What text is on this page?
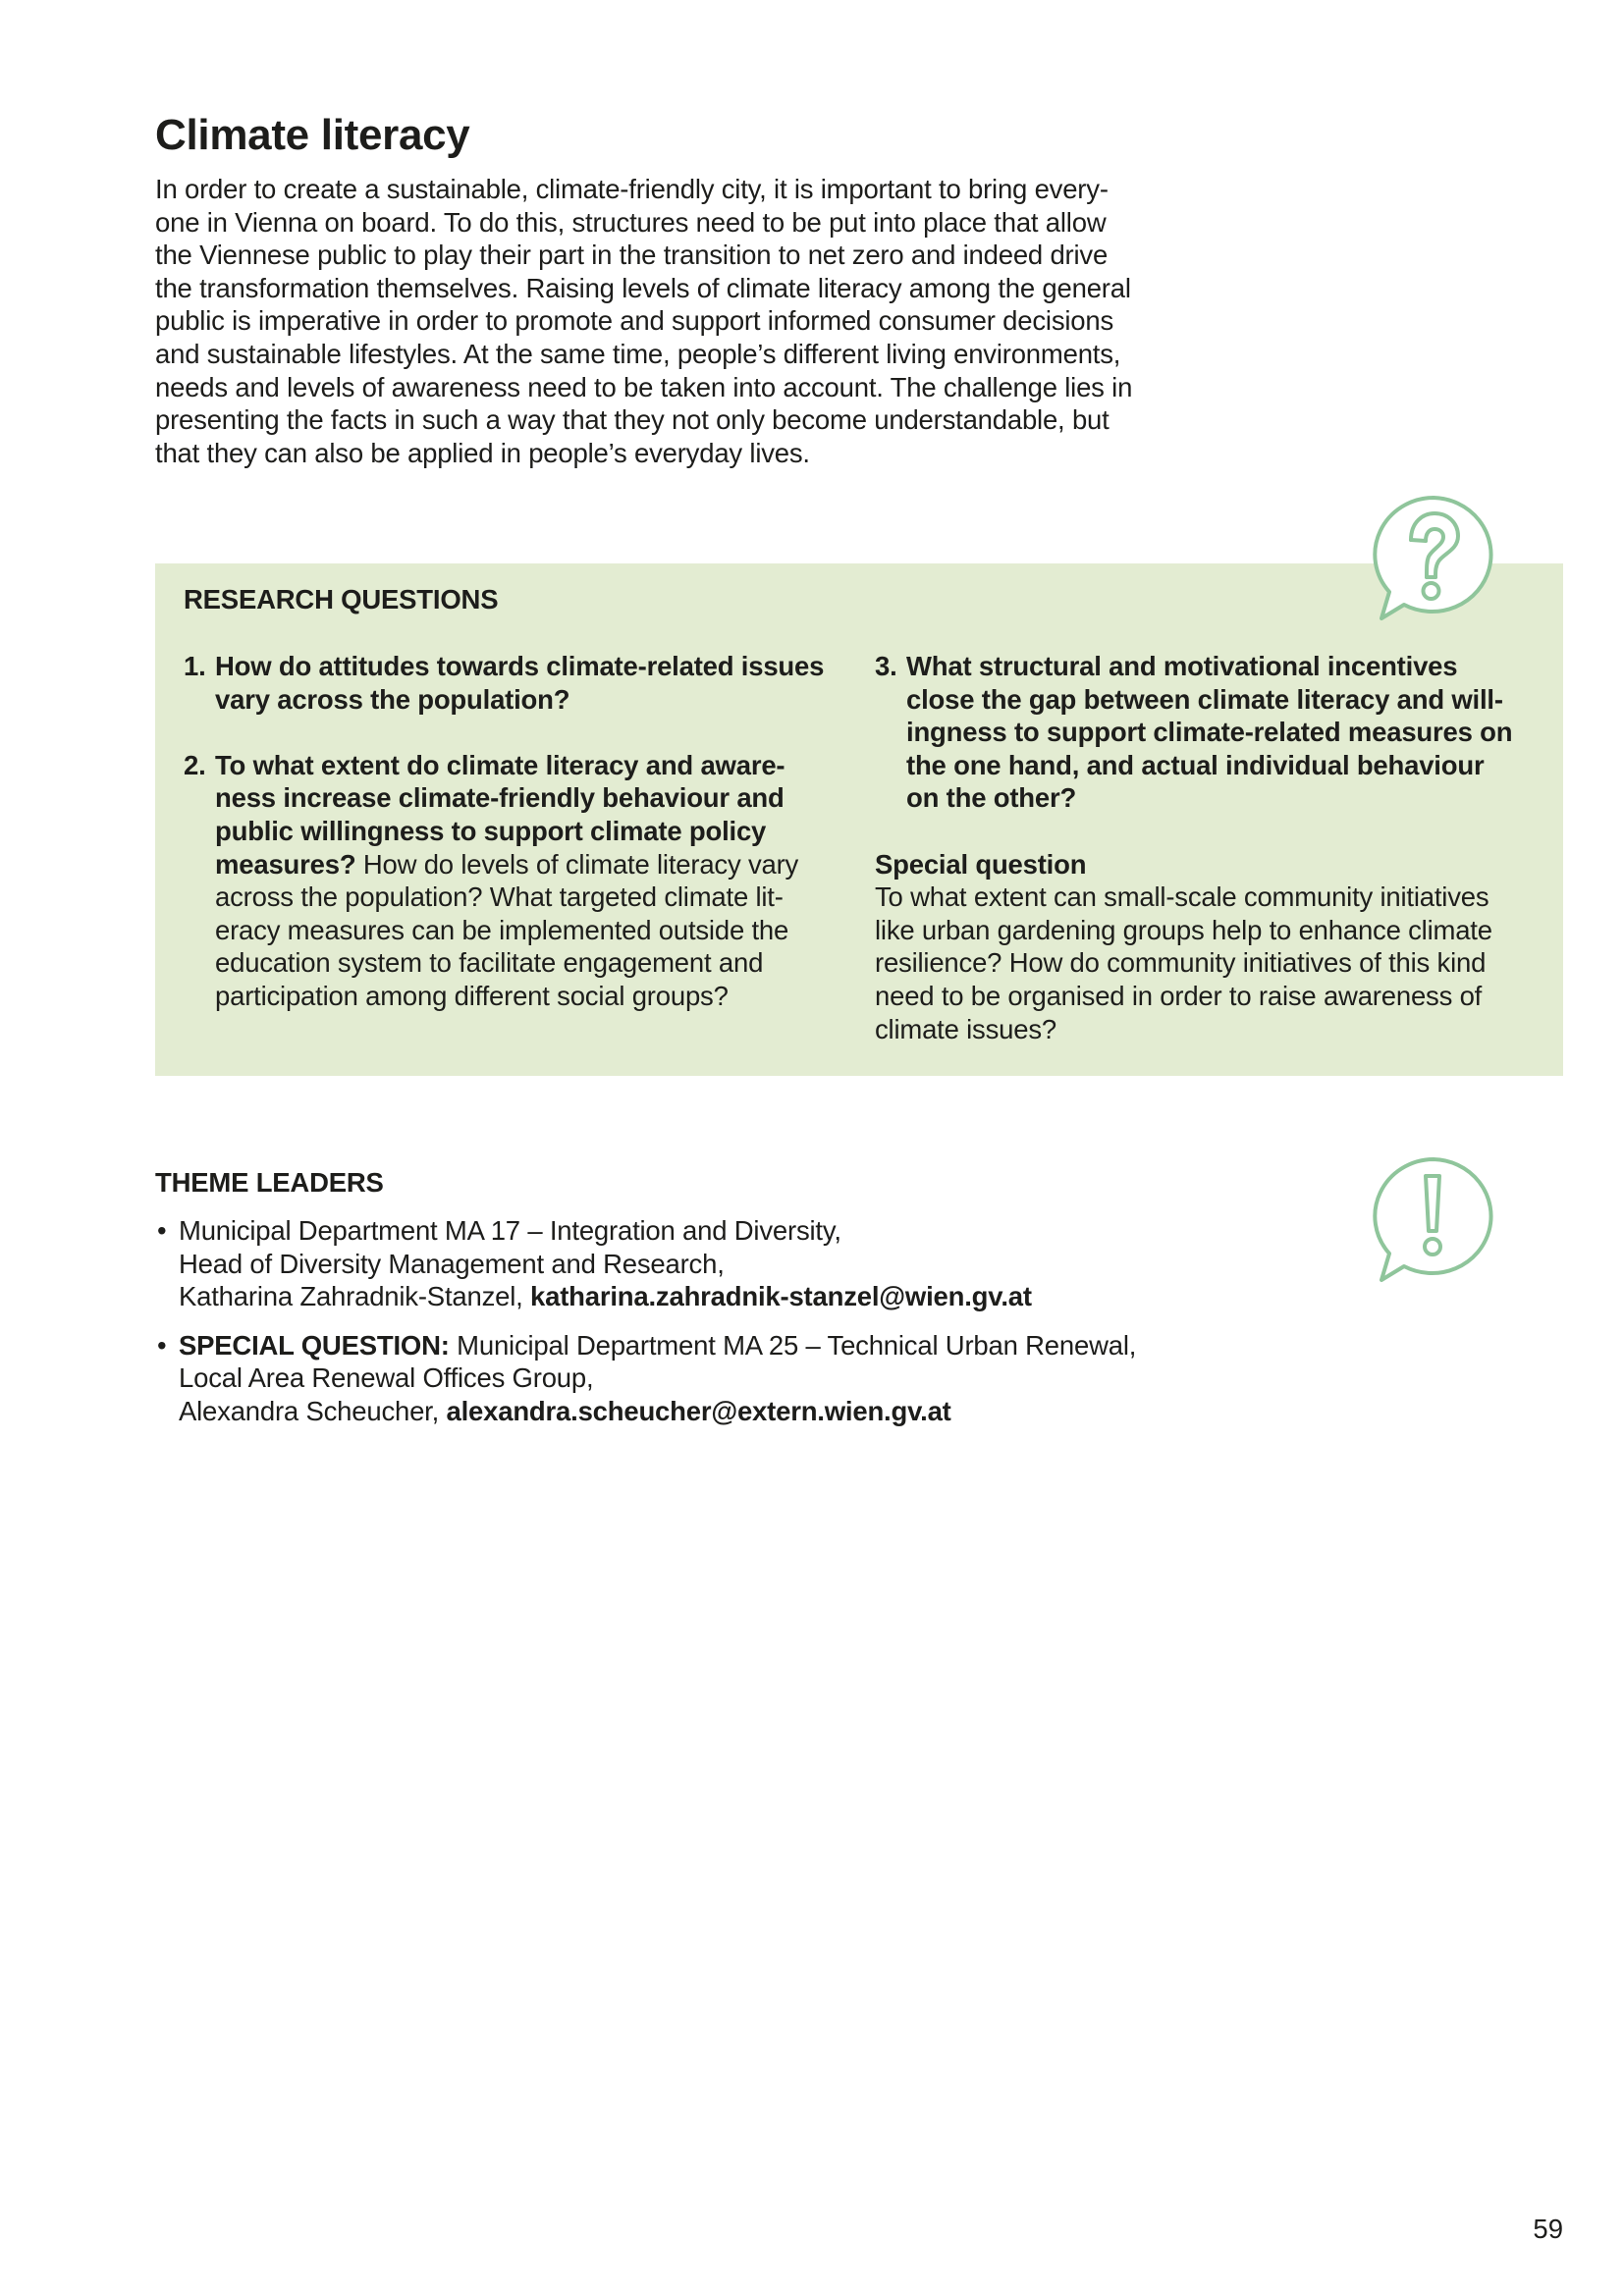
Climate literacy

In order to create a sustainable, climate-friendly city, it is important to bring every-
one in Vienna on board. To do this, structures need to be put into place that allow
the Viennese public to play their part in the transition to net zero and indeed drive
the transformation themselves. Raising levels of climate literacy among the general
public is imperative in order to promote and support informed consumer decisions
and sustainable lifestyles. At the same time, people’s different living environments,
needs and levels of awareness need to be taken into account. The challenge lies in
presenting the facts in such a way that they not only become understandable, but
that they can also be applied in people’s everyday lives.

RESEARCH QUESTIONS
1. How do attitudes towards climate-related issues
vary across the population?
2. To what extent do climate literacy and aware-
ness increase climate-friendly behaviour and
public willingness to support climate policy
measures? How do levels of climate literacy vary
across the population? What targeted climate lit-
eracy measures can be implemented outside the
education system to facilitate engagement and
participation among different social groups?
3. What structural and motivational incentives
close the gap between climate literacy and will-
ingness to support climate-related measures on
the one hand, and actual individual behaviour
on the other?

Special question

To what extent can small-scale community initiatives
like urban gardening groups help to enhance climate
resilience? How do community initiatives of this kind
need to be organised in order to raise awareness of
climate issues?

THEME LEADERS
• Municipal Department MA 17 – Integration and Diversity,
Head of Diversity Management and Research,
Katharina Zahradnik-Stanzel, katharina.zahradnik-stanzel@wien.gv.at
• SPECIAL QUESTION: Municipal Department MA 25 – Technical Urban Renewal,
Local Area Renewal Offices Group,
Alexandra Scheucher, alexandra.scheucher@extern.wien.gv.at
59
